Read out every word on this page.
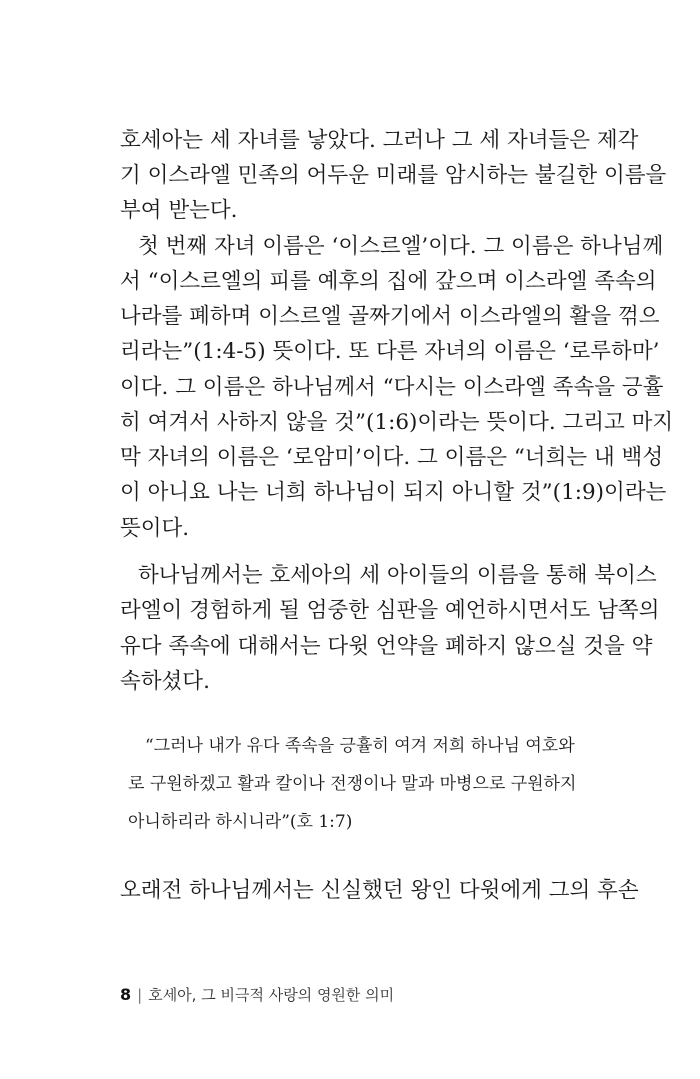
호세아는 세 자녀를 낳았다. 그러나 그 세 자녀들은 제각
기 이스라엘 민족의 어두운 미래를 암시하는 불길한 이름을
부여 받는다.
첫 번째 자녀 이름은 ‘이스르엘’이다. 그 이름은 하나님께
서 “이스르엘의 피를 예후의 집에 갚으며 이스라엘 족속의
나라를 폐하며 이스르엘 골짜기에서 이스라엘의 활을 꺾으
리라는”(1:4-5) 뜻이다. 또 다른 자녀의 이름은 ‘로루하마’
이다. 그 이름은 하나님께서 “다시는 이스라엘 족속을 긍휼
히 여겨서 사하지 않을 것”(1:6)이라는 뜻이다. 그리고 마지
막 자녀의 이름은 ‘로암미’이다. 그 이름은 “너희는 내 백성
이 아니요 나는 너희 하나님이 되지 아니할 것”(1:9)이라는
뜻이다.
하나님께서는 호세아의 세 아이들의 이름을 통해 북이스
라엘이 경험하게 될 엄중한 심판을 예언하시면서도 남쪽의
유다 족속에 대해서는 다윗 언약을 폐하지 않으실 것을 약
속하셨다.
“그러나 내가 유다 족속을 긍휼히 여겨 저희 하나님 여호와
로 구원하겠고 활과 칼이나 전쟁이나 말과 마병으로 구원하지
아니하리라 하시니라”(호 1:7)
오래전 하나님께서는 신실했던 왕인 다윗에게 그의 후손
8 | 호세아, 그 비극적 사랑의 영원한 의미
